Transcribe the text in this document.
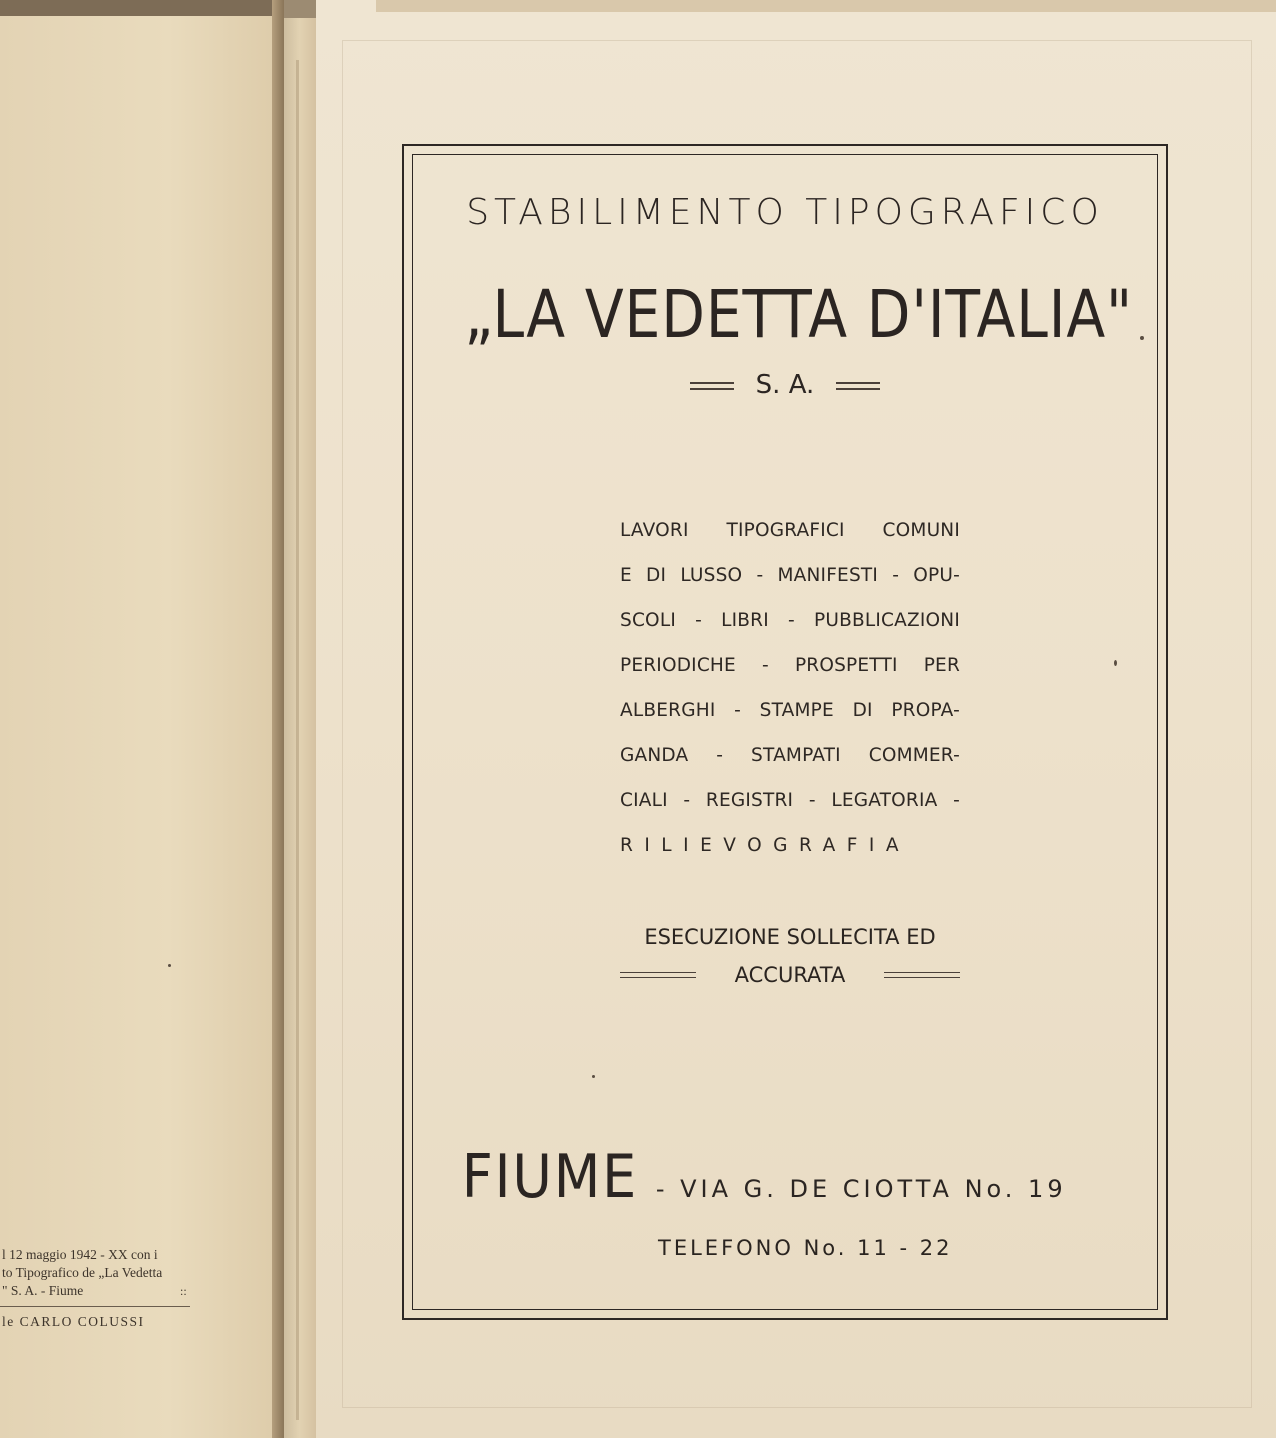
l 12 maggio 1942 - XX con i
to Tipografico de „La Vedetta
" S. A. - Fiume	::
le CARLO COLUSSI
STABILIMENTO TIPOGRAFICO
„LA VEDETTA D'ITALIA"
S. A.
LAVORI TIPOGRAFICI COMUNI
E DI LUSSO - MANIFESTI - OPU-
SCOLI - LIBRI - PUBBLICAZIONI
PERIODICHE - PROSPETTI PER
ALBERGHI - STAMPE DI PROPA-
GANDA - STAMPATI COMMER-
CIALI - REGISTRI - LEGATORIA -
RILIEVOGRAFIA
ESECUZIONE SOLLECITA ED
ACCURATA
FIUME - VIA G. DE CIOTTA No. 19
TELEFONO No. 11 - 22
